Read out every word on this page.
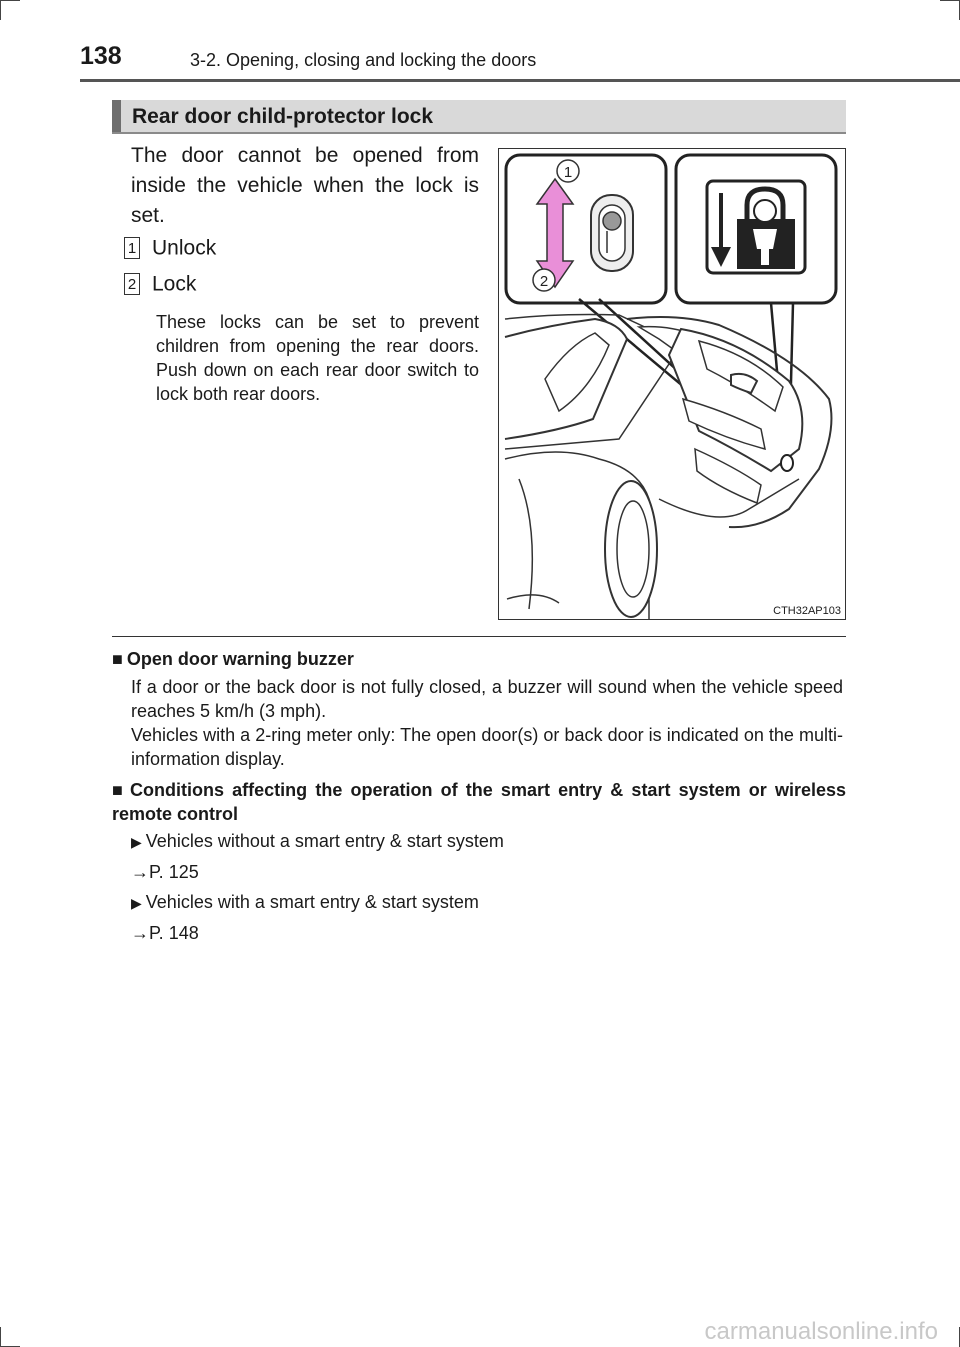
138	3-2. Opening, closing and locking the doors
Rear door child-protector lock
The door cannot be opened from inside the vehicle when the lock is set.
1 Unlock
2 Lock
These locks can be set to prevent children from opening the rear doors. Push down on each rear door switch to lock both rear doors.
1
2
CTH32AP103
■ Open door warning buzzer
If a door or the back door is not fully closed, a buzzer will sound when the vehicle speed reaches 5 km/h (3 mph).
Vehicles with a 2-ring meter only: The open door(s) or back door is indicated on the multi-information display.
■ Conditions affecting the operation of the smart entry & start system or wireless remote control
▶ Vehicles without a smart entry & start system
→P. 125
▶ Vehicles with a smart entry & start system
→P. 148
carmanualsonline.info
